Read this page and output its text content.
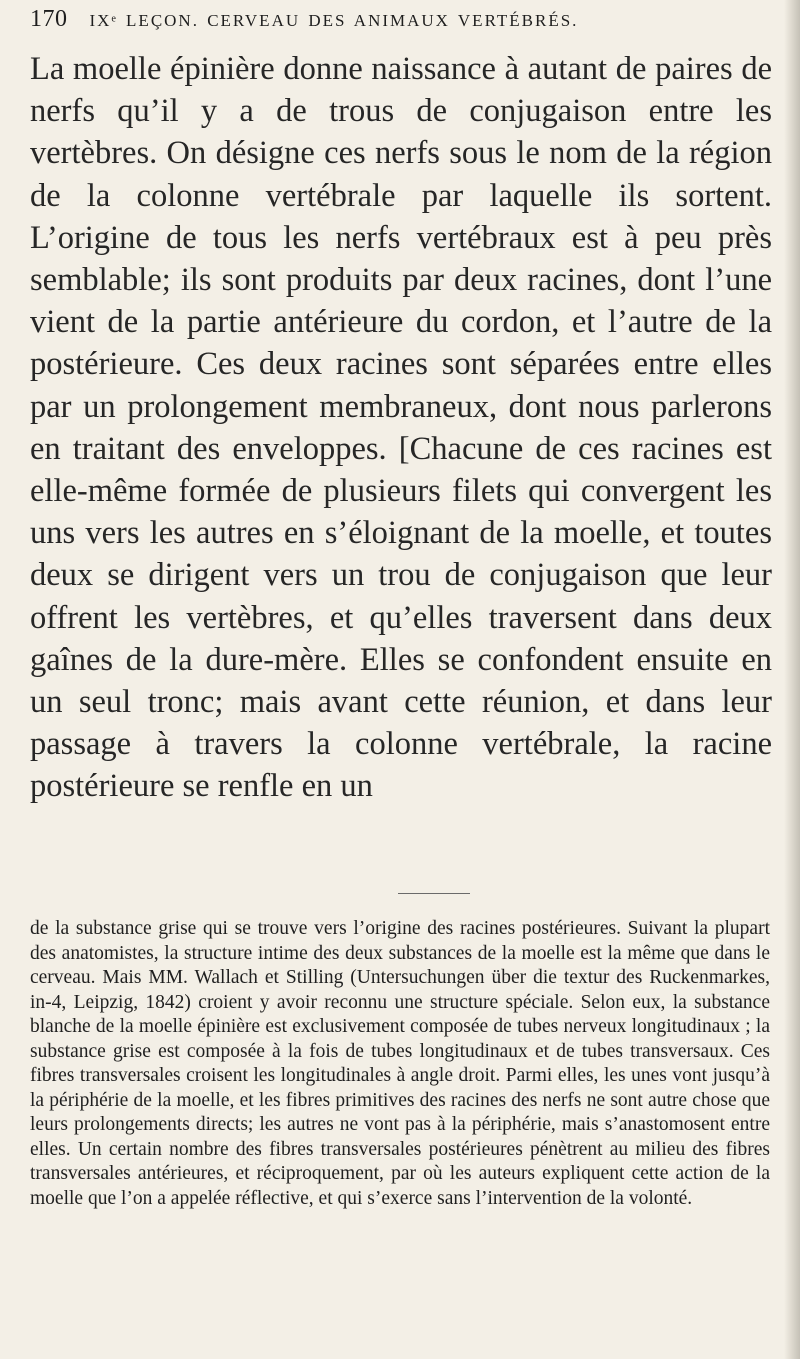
170 IXᵉ LEÇON. CERVEAU DES ANIMAUX VERTÉBRÉS.

La moelle épinière donne naissance à autant de paires de nerfs qu’il y a de trous de conjugaison entre les vertèbres. On désigne ces nerfs sous le nom de la région de la colonne vertébrale par laquelle ils sortent. L’origine de tous les nerfs vertébraux est à peu près semblable; ils sont produits par deux racines, dont l’une vient de la partie antérieure du cordon, et l’autre de la postérieure. Ces deux racines sont séparées entre elles par un prolongement membraneux, dont nous parlerons en traitant des enveloppes. [Chacune de ces racines est elle-même formée de plusieurs filets qui convergent les uns vers les autres en s’éloignant de la moelle, et toutes deux se dirigent vers un trou de conjugaison que leur offrent les vertèbres, et qu’elles traversent dans deux gaînes de la dure-mère. Elles se confondent ensuite en un seul tronc; mais avant cette réunion, et dans leur passage à travers la colonne vertébrale, la racine postérieure se renfle en un

de la substance grise qui se trouve vers l’origine des racines postérieures. Suivant la plupart des anatomistes, la structure intime des deux substances de la moelle est la même que dans le cerveau. Mais MM. Wallach et Stilling (Untersuchungen über die textur des Ruckenmarkes, in-4, Leipzig, 1842) croient y avoir reconnu une structure spéciale. Selon eux, la substance blanche de la moelle épinière est exclusivement composée de tubes nerveux longitudinaux ; la substance grise est composée à la fois de tubes longitudinaux et de tubes transversaux. Ces fibres transversales croisent les longitudinales à angle droit. Parmi elles, les unes vont jusqu’à la périphérie de la moelle, et les fibres primitives des racines des nerfs ne sont autre chose que leurs prolongements directs; les autres ne vont pas à la périphérie, mais s’anastomosent entre elles. Un certain nombre des fibres transversales postérieures pénètrent au milieu des fibres transversales antérieures, et réciproquement, par où les auteurs expliquent cette action de la moelle que l’on a appelée réflective, et qui s’exerce sans l’intervention de la volonté.
